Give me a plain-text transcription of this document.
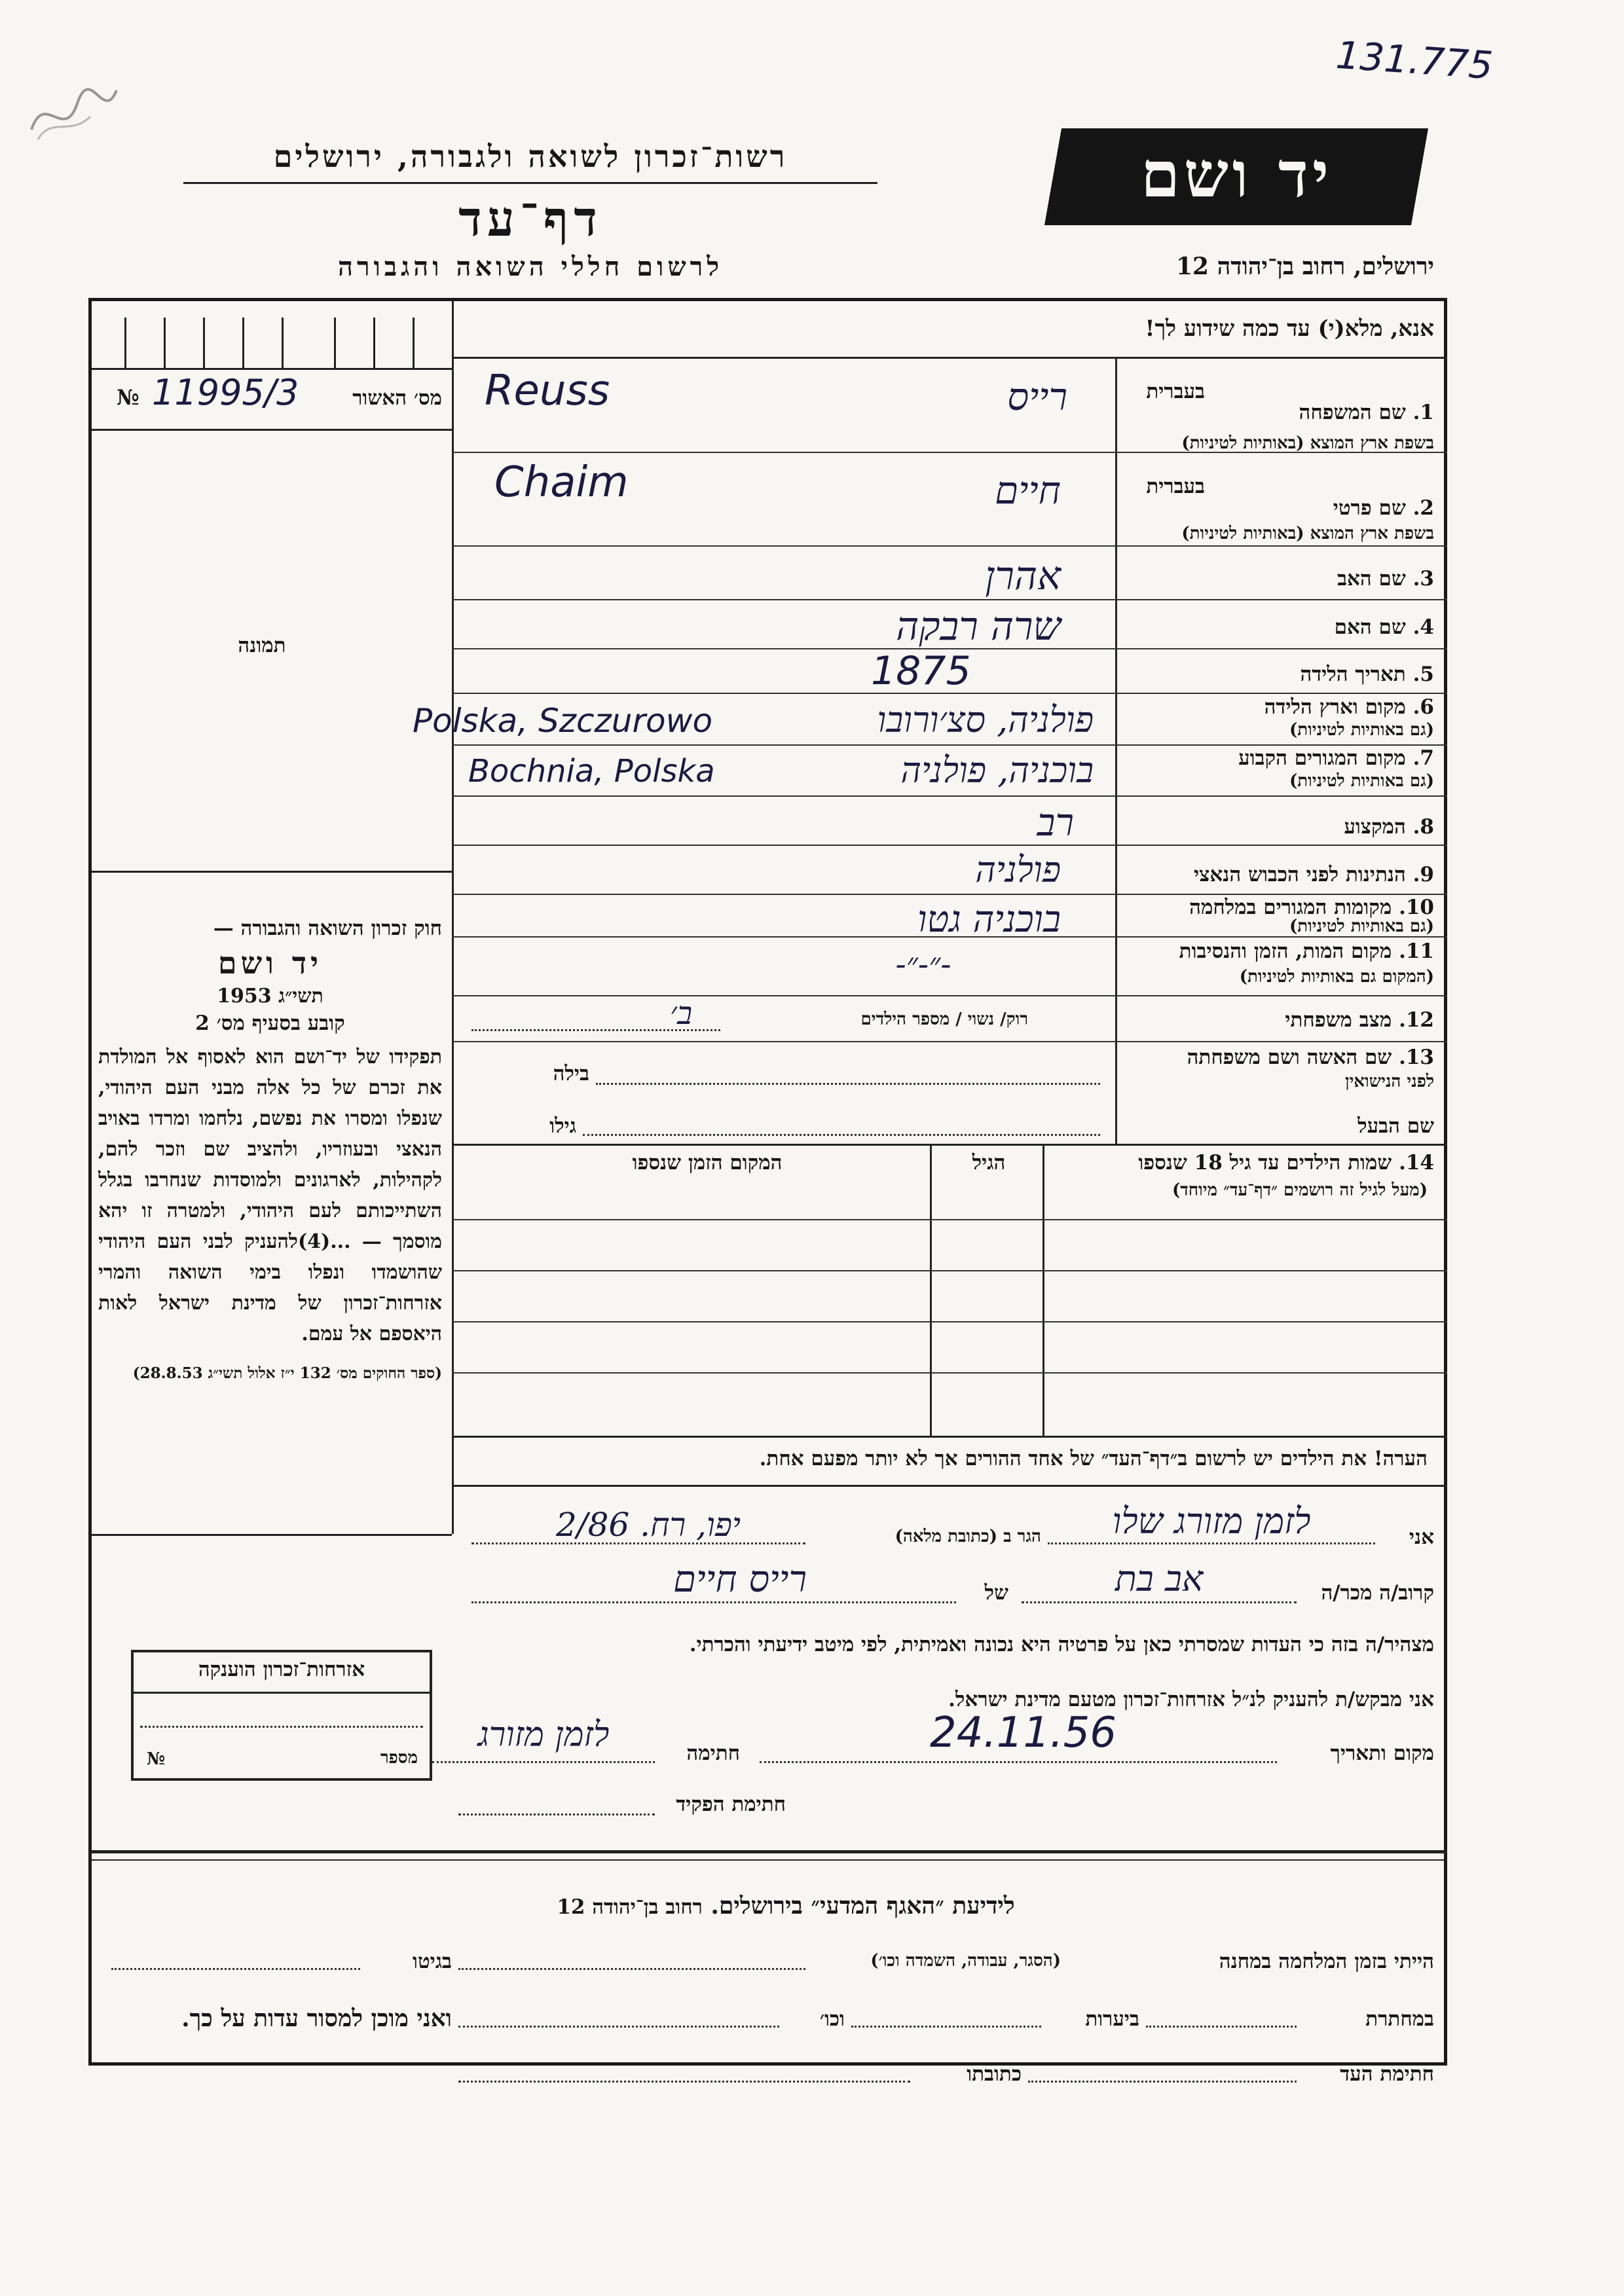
131.775
רשות־זכרון לשואה ולגבורה, ירושלים
דף־עד
לרשום חללי השואה והגבורה
יד ושם
ירושלים, רחוב בן־יהודה 12
אנא, מלא(י) עד כמה שידוע לך!
№ 11995/3	מס׳ האשור
תמונה
בעברית
1. שם המשפחה
בשפת ארץ המוצא (באותיות לטיניות)
רייס
Reuss
בעברית
2. שם פרטי
בשפת ארץ המוצא (באותיות לטיניות)
חיים
Chaim
3. שם האב
אהרן
4. שם האם
שרה רבקה
5. תאריך הלידה
1875
6. מקום וארץ הלידה
(גם באותיות לטיניות)
Polska, Szczurowo	פולניה, סצ׳ורובו
7. מקום המגורים הקבוע
(גם באותיות לטיניות)
Bochnia, Polska	בוכניה, פולניה
8. המקצוע
רב
9. הנתינות לפני הכבוש הנאצי
פולניה
10. מקומות המגורים במלחמה
(גם באותיות לטיניות)
בוכניה גטו
11. מקום המות, הזמן והנסיבות
(המקום גם באותיות לטיניות)
-״-״-
12. מצב משפחתי
רוק/ נשוי / מספר הילדים
ב׳
13. שם האשה ושם משפחתה
לפני הנישואין
בילה
שם הבעל
גילו
14. שמות הילדים עד גיל 18 שנספו
(מעל לגיל זה רושמים ״דף־עד״ מיוחד)
הגיל
המקום הזמן שנספו
הערה! את הילדים יש לרשום ב״דף־העד״ של אחד ההורים אך לא יותר מפעם אחת.
חוק זכרון השואה והגבורה —
יד ושם
תשי״ג 1953
קובע בסעיף מס׳ 2
תפקידו של יד־ושם הוא לאסוף אל המולדת את זכרם של כל אלה מבני העם היהודי, שנפלו ומסרו את נפשם, נלחמו ומרדו באויב הנאצי ובעוזריו, ולהציב שם וזכר להם, לקהילות, לארגונים ולמוסדות שנחרבו בגלל השתייכותם לעם היהודי, ולמטרה זו יהא מוסמך — ...(4)להעניק לבני העם היהודי שהושמדו ונפלו בימי השואה והמרי אזרחות־זכרון של מדינת ישראל לאות היאספם אל עמם.
(ספר החוקים מס׳ 132 י״ז אלול תשי״ג 28.8.53)
אני
לזמן מזורג שלו
הגר ב (כתובת מלאה)
יפו, רח. 2/86
קרוב/ה מכר/ה
אב בת
של
רייס חיים
מצהיר/ה בזה כי העדות שמסרתי כאן על פרטיה היא נכונה ואמיתית, לפי מיטב ידיעתי והכרתי.
אני מבקש/ת להעניק לנ״ל אזרחות־זכרון מטעם מדינת ישראל.
מקום ותאריך
24.11.56
חתימה
לזמן מזורג
חתימת הפקיד
אזרחות־זכרון הוענקה
№	מספר
לידיעת ״האגף המדעי״ בירושלים. רחוב בן־יהודה 12
הייתי בזמן המלחמה במחנה
(הסגר, עבודה, השמדה וכו׳)
בגיטו
במחתרת
ביערות
וכו׳
ואני מוכן למסור עדות על כך.
חתימת העד
כתובתו
